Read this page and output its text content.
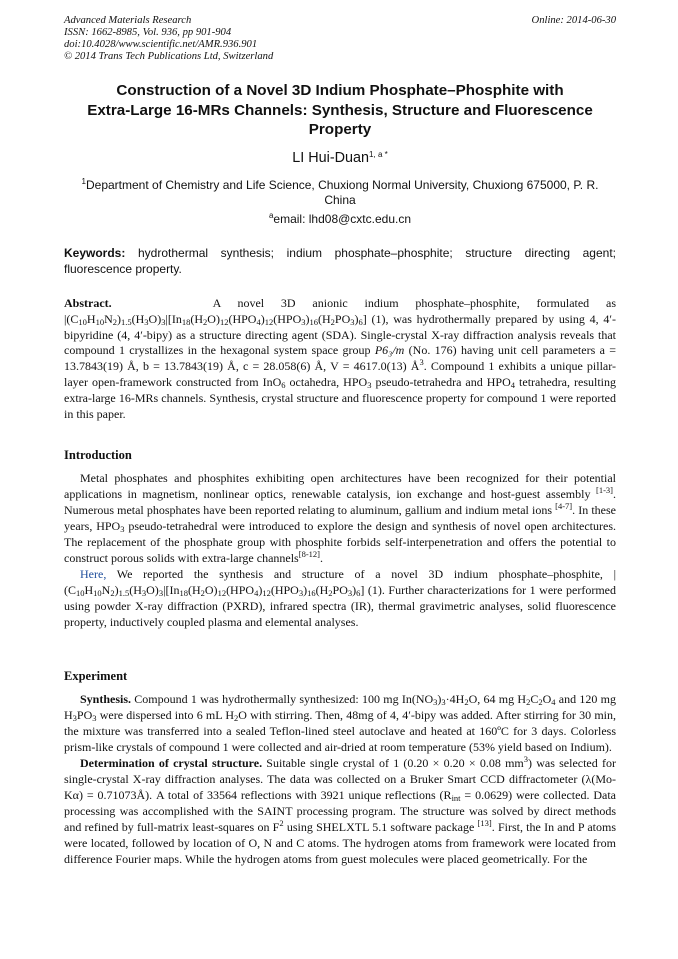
Advanced Materials Research
ISSN: 1662-8985, Vol. 936, pp 901-904
doi:10.4028/www.scientific.net/AMR.936.901
© 2014 Trans Tech Publications Ltd, Switzerland
Online: 2014-06-30
Construction of a Novel 3D Indium Phosphate–Phosphite with
Extra-Large 16-MRs Channels: Synthesis, Structure and Fluorescence
Property
LI Hui-Duan$^{1, a *}$
$^1$Department of Chemistry and Life Science, Chuxiong Normal University, Chuxiong 675000, P. R.
China
$^a$email: lhd08@cxtc.edu.cn
Keywords: hydrothermal synthesis; indium phosphate–phosphite; structure directing agent; fluorescence property.

Abstract.	A novel 3D anionic indium phosphate–phosphite, formulated as

$|(C_{10}H_{10}N_2)_{1.5}(H_3O)_3|[In_{18}(H_2O)_{12}(HPO_4)_{12}(HPO_3)_{16}(H_2PO_3)_6]$ (1), was hydrothermally prepared by using 4, 4′-bipyridine (4, 4′-bipy) as a structure directing agent (SDA). Single-crystal X-ray diffraction analysis reveals that compound 1 crystallizes in the hexagonal system space group P6₃/m (No. 176) having unit cell parameters a = 13.7843(19) Å, b = 13.7843(19) Å, c = 28.058(6) Å, V = 4617.0(13) $Å^3$. Compound 1 exhibits a unique pillar-layer open-framework constructed from InO$_6$ octahedra, $HPO_3$ pseudo-tetrahedra and $HPO_4$ tetrahedra, resulting extra-large 16-MRs channels. Synthesis, crystal structure and fluorescence property for compound 1 were reported in this paper.

Introduction

Metal phosphates and phosphites exhibiting open architectures have been recognized for their potential applications in magnetism, nonlinear optics, renewable catalysis, ion exchange and host-guest assembly [1-3]. Numerous metal phosphates have been reported relating to aluminum, gallium and indium metal ions [4-7]. In these years, $HPO_3$ pseudo-tetrahedral were introduced to explore the design and synthesis of novel open architectures. The replacement of the phosphate group with phosphite forbids self-interpenetration and offers the potential to construct porous solids with extra-large channels[8-12].

Here, We reported the synthesis and structure of a novel 3D indium phosphate–phosphite, $|(C_{10}H_{10}N_2)_{1.5}(H_3O)_3|[In_{18}(H_2O)_{12}(HPO_4)_{12}(HPO_3)_{16}(H_2PO_3)_6]$ (1). Further characterizations for 1 were performed using powder X-ray diffraction (PXRD), infrared spectra (IR), thermal gravimetric analyses, solid fluorescence property, inductively coupled plasma and elemental analyses.

Experiment

Synthesis. Compound 1 was hydrothermally synthesized: 100 mg $In(NO_3)_3\cdot 4H_2O$, 64 mg $H_2C_2O_4$ and 120 mg $H_3PO_3$ were dispersed into 6 mL $H_2O$ with stirring. Then, 48mg of 4, 4′-bipy was added. After stirring for 30 min, the mixture was transferred into a sealed Teflon-lined steel autoclave and heated at 160ºC for 3 days. Colorless prism-like crystals of compound 1 were collected and air-dried at room temperature (53% yield based on Indium).

Determination of crystal structure. Suitable single crystal of 1 (0.20 × 0.20 × 0.08 $mm^3$) was selected for single-crystal X-ray diffraction analyses. The data was collected on a Bruker Smart CCD diffractometer (λ(Mo-Kα) = 0.71073Å). A total of 33564 reflections with 3921 unique reflections $(R_{int} = 0.0629)$ were collected. Data processing was accomplished with the SAINT processing program. The structure was solved by direct methods and refined by full-matrix least-squares on $F^2$ using SHELXTL 5.1 software package [13]. First, the In and P atoms were located, followed by location of O, N and C atoms. The hydrogen atoms from framework were located from difference Fourier maps. While the hydrogen atoms from guest molecules were placed geometrically. For the
